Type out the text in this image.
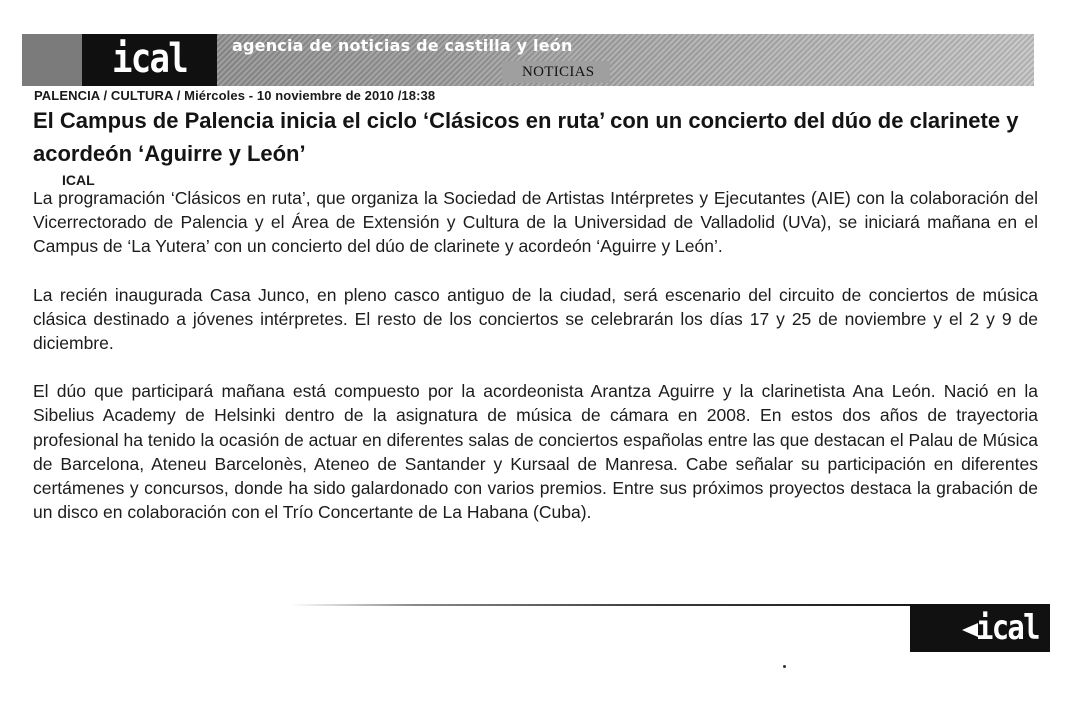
ical	agencia de noticias de castilla y león
NOTICIAS
PALENCIA / CULTURA / Miércoles - 10 noviembre de 2010 /18:38
El Campus de Palencia inicia el ciclo ‘Clásicos en ruta’ con un concierto del dúo de clarinete y acordeón ‘Aguirre y León’
ICAL

La programación ‘Clásicos en ruta’, que organiza la Sociedad de Artistas Intérpretes y Ejecutantes (AIE) con la colaboración del Vicerrectorado de Palencia y el Área de Extensión y Cultura de la Universidad de Valladolid (UVa), se iniciará mañana en el Campus de ‘La Yutera’ con un concierto del dúo de clarinete y acordeón ‘Aguirre y León’.

La recién inaugurada Casa Junco, en pleno casco antiguo de la ciudad, será escenario del circuito de conciertos de música clásica destinado a jóvenes intérpretes. El resto de los conciertos se celebrarán los días 17 y 25 de noviembre y el 2 y 9 de diciembre.

El dúo que participará mañana está compuesto por la acordeonista Arantza Aguirre y la clarinetista Ana León. Nació en la Sibelius Academy de Helsinki dentro de la asignatura de música de cámara en 2008. En estos dos años de trayectoria profesional ha tenido la ocasión de actuar en diferentes salas de conciertos españolas entre las que destacan el Palau de Música de Barcelona, Ateneu Barcelonès, Ateneo de Santander y Kursaal de Manresa. Cabe señalar su participación en diferentes certámenes y concursos, donde ha sido galardonado con varios premios. Entre sus próximos proyectos destaca la grabación de un disco en colaboración con el Trío Concertante de La Habana (Cuba).

ical
